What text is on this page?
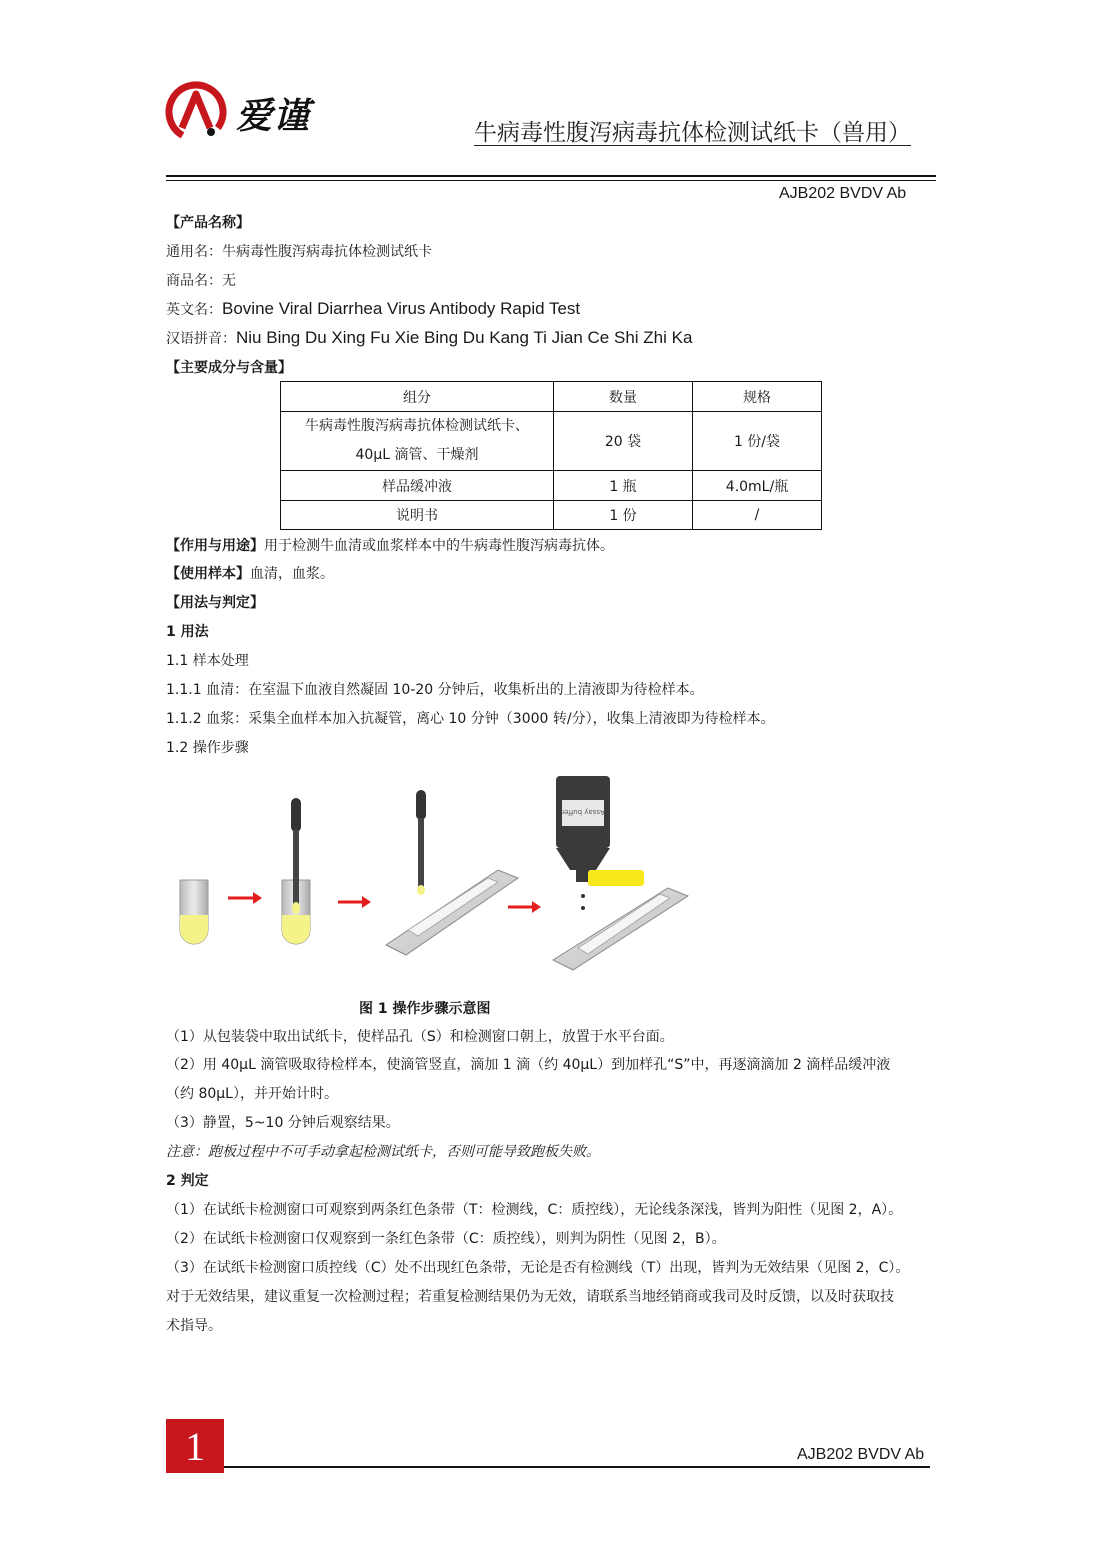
爱谨	牛病毒性腹泻病毒抗体检测试纸卡（兽用）
AJB202 BVDV Ab
【产品名称】
通用名：牛病毒性腹泻病毒抗体检测试纸卡
商品名：无
英文名：Bovine Viral Diarrhea Virus Antibody Rapid Test
汉语拼音：Niu Bing Du Xing Fu Xie Bing Du Kang Ti Jian Ce Shi Zhi Ka
【主要成分与含量】
组分	数量	规格

牛病毒性腹泻病毒抗体检测试纸卡、
40μL 滴管、干燥剂	20 袋	1 份/袋
样品缓冲液	1 瓶	4.0mL/瓶
说明书	1 份	/
【作用与用途】用于检测牛血清或血浆样本中的牛病毒性腹泻病毒抗体。
【使用样本】血清，血浆。
【用法与判定】
1 用法
1.1 样本处理
1.1.1 血清：在室温下血液自然凝固 10-20 分钟后，收集析出的上清液即为待检样本。
1.1.2 血浆：采集全血样本加入抗凝管，离心 10 分钟（3000 转/分），收集上清液即为待检样本。
1.2 操作步骤
Assay buffer
图 1 操作步骤示意图
（1）从包装袋中取出试纸卡，使样品孔（S）和检测窗口朝上，放置于水平台面。
（2）用 40μL 滴管吸取待检样本，使滴管竖直，滴加 1 滴（约 40μL）到加样孔“S”中，再逐滴滴加 2 滴样品缓冲液
（约 80μL），并开始计时。
（3）静置，5~10 分钟后观察结果。
注意：跑板过程中不可手动拿起检测试纸卡，否则可能导致跑板失败。
2 判定
（1）在试纸卡检测窗口可观察到两条红色条带（T：检测线，C：质控线），无论线条深浅，皆判为阳性（见图 2，A）。
（2）在试纸卡检测窗口仅观察到一条红色条带（C：质控线），则判为阴性（见图 2，B）。
（3）在试纸卡检测窗口质控线（C）处不出现红色条带，无论是否有检测线（T）出现，皆判为无效结果（见图 2，C）。
对于无效结果，建议重复一次检测过程；若重复检测结果仍为无效，请联系当地经销商或我司及时反馈，以及时获取技
术指导。
1	AJB202 BVDV Ab
